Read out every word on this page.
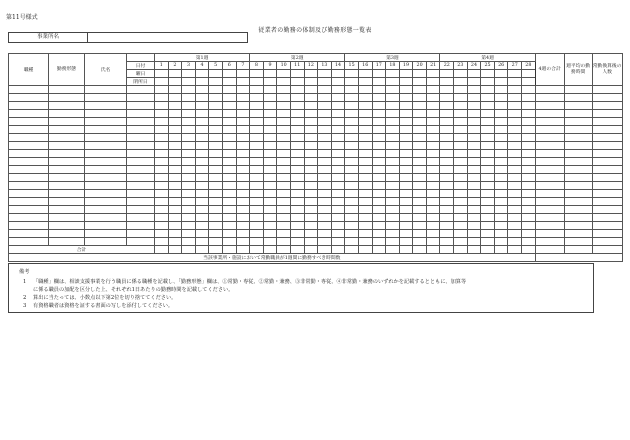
第11号様式
従業者の勤務の体制及び勤務形態一覧表
事業所名
職種	勤務形態	氏名		第1週							第2週							第3週							第4週							4週の合計	週平均の勤務時間	常勤換算後の人数
			日付	1	2	3	4	5	6	7	8	9	10	11	12	13	14	15	16	17	18	19	20	21	22	23	24	25	26	27	28			
			曜日																															
			閉所日																															

合計																																		
当該事業所・施設において常勤職員が1週間に勤務すべき時間数																																		
備考
1 「職種」欄は、相談支援事業を行う職員に係る職種を記載し、「勤務形態」欄は、①常勤・専従、②常勤・兼務、③非常勤・専従、④非常勤・兼務のいずれかを記載するとともに、加算等
に係る職員の加配を区分した上、それぞれ1日あたりの勤務時間を記載してください。
2 算出に当たっては、小数点以下第2位を切り捨ててください。
3 有資格職者は資格を証する書面の写しを添付してください。
